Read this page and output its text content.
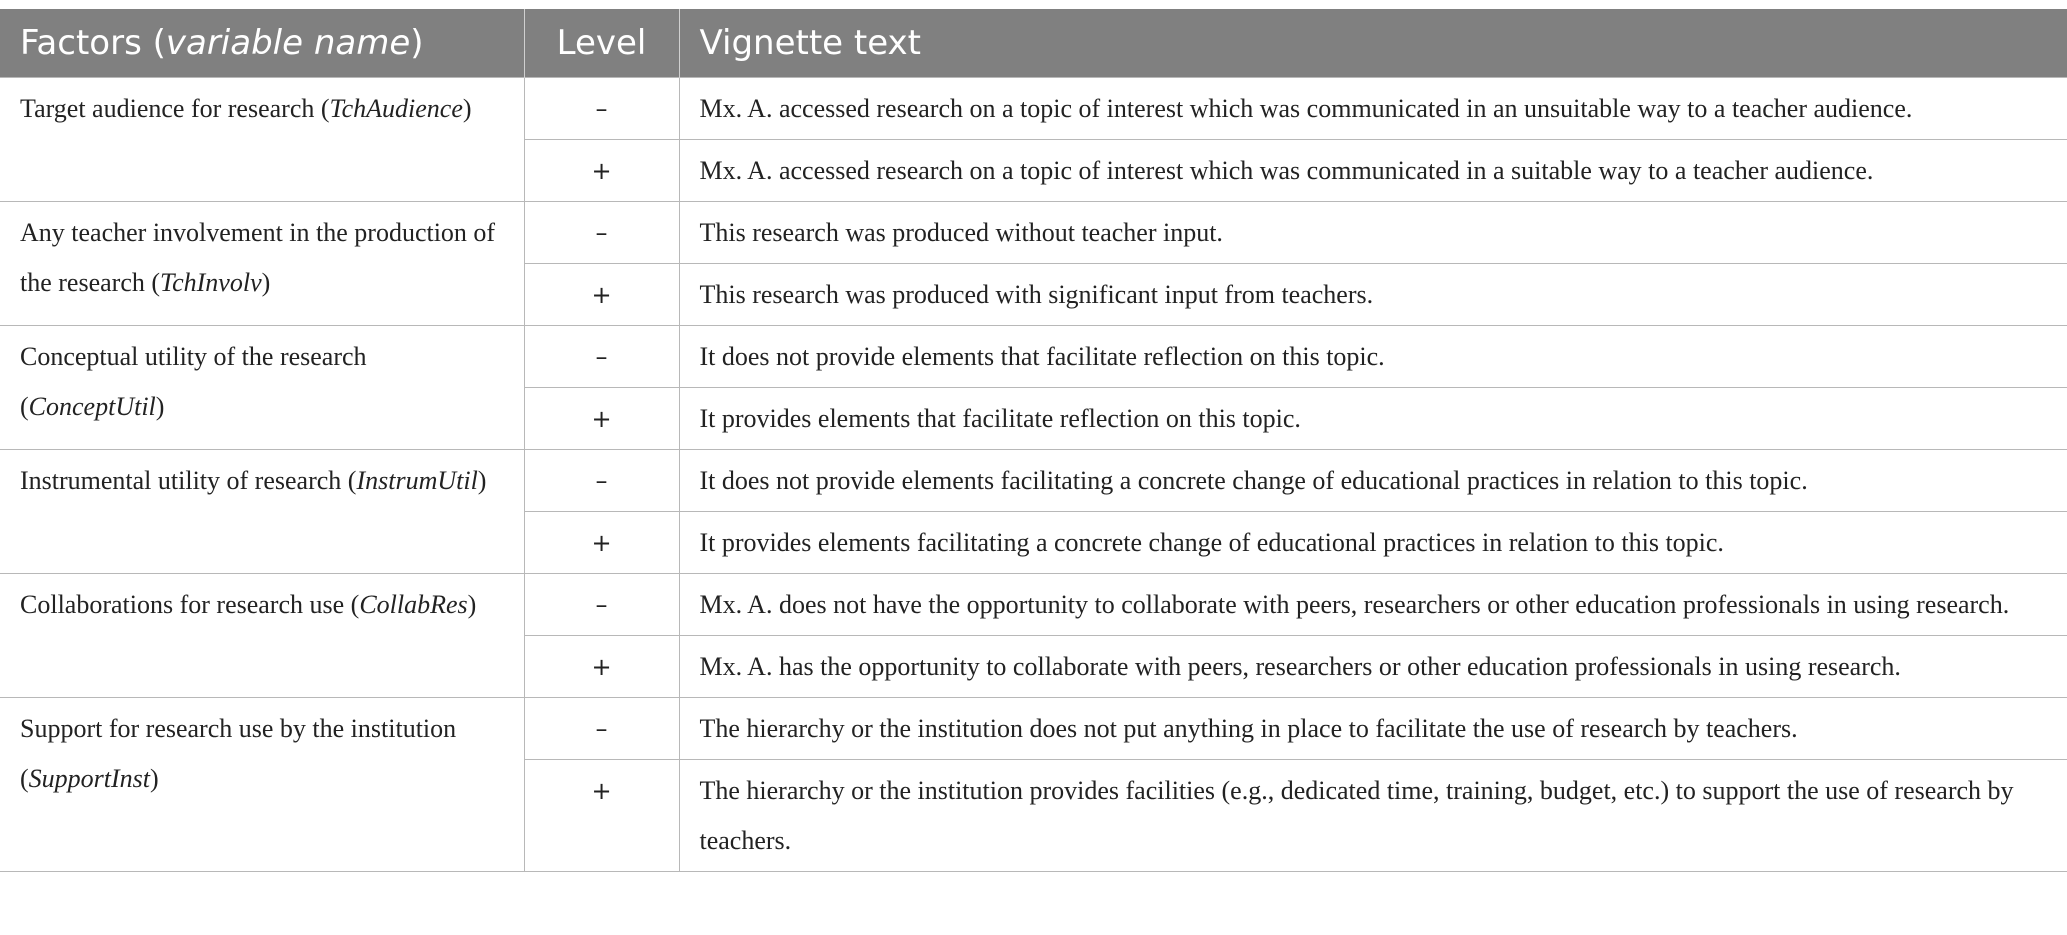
Factors (variable name)	Level	Vignette text
Target audience for research (TchAudience)	–	Mx. A. accessed research on a topic of interest which was communicated in an unsuitable way to a teacher audience.
	+	Mx. A. accessed research on a topic of interest which was communicated in a suitable way to a teacher audience.
Any teacher involvement in the production of the research (TchInvolv)	–	This research was produced without teacher input.
	+	This research was produced with significant input from teachers.
Conceptual utility of the research (ConceptUtil)	–	It does not provide elements that facilitate reflection on this topic.
	+	It provides elements that facilitate reflection on this topic.
Instrumental utility of research (InstrumUtil)	–	It does not provide elements facilitating a concrete change of educational practices in relation to this topic.
	+	It provides elements facilitating a concrete change of educational practices in relation to this topic.
Collaborations for research use (CollabRes)	–	Mx. A. does not have the opportunity to collaborate with peers, researchers or other education professionals in using research.
	+	Mx. A. has the opportunity to collaborate with peers, researchers or other education professionals in using research.
Support for research use by the institution (SupportInst)	–	The hierarchy or the institution does not put anything in place to facilitate the use of research by teachers.
	+	The hierarchy or the institution provides facilities (e.g., dedicated time, training, budget, etc.) to support the use of research by teachers.
